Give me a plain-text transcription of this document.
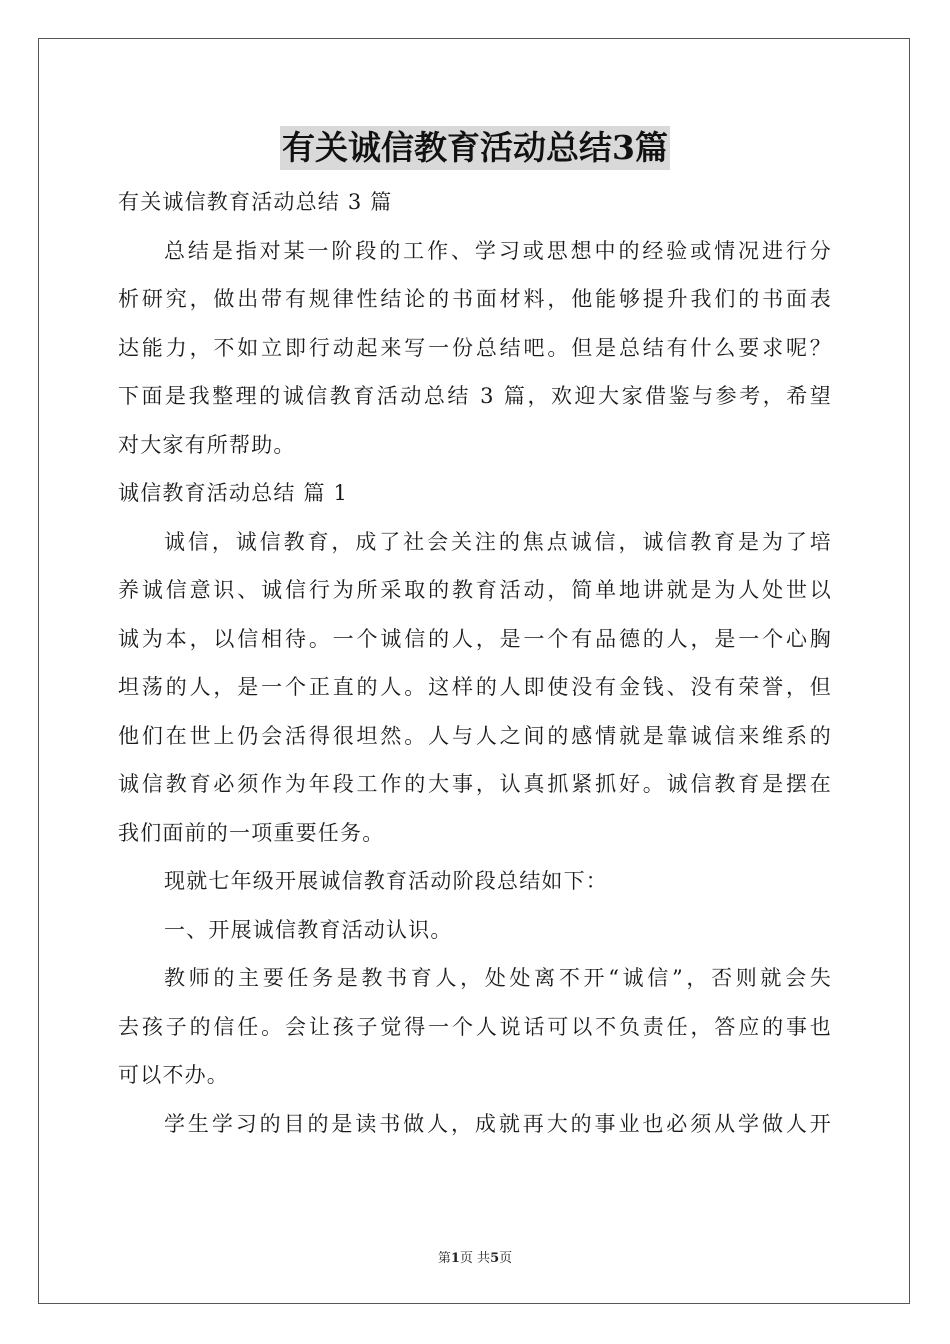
有关诚信教育活动总结3篇
有关诚信教育活动总结 3 篇
总结是指对某一阶段的工作、学习或思想中的经验或情况进行分
析研究，做出带有规律性结论的书面材料，他能够提升我们的书面表
达能力，不如立即行动起来写一份总结吧。但是总结有什么要求呢？
下面是我整理的诚信教育活动总结 3 篇，欢迎大家借鉴与参考，希望
对大家有所帮助。
诚信教育活动总结 篇 1
诚信，诚信教育，成了社会关注的焦点诚信，诚信教育是为了培
养诚信意识、诚信行为所采取的教育活动，简单地讲就是为人处世以
诚为本，以信相待。一个诚信的人，是一个有品德的人，是一个心胸
坦荡的人，是一个正直的人。这样的人即使没有金钱、没有荣誉，但
他们在世上仍会活得很坦然。人与人之间的感情就是靠诚信来维系的
诚信教育必须作为年段工作的大事，认真抓紧抓好。诚信教育是摆在
我们面前的一项重要任务。
现就七年级开展诚信教育活动阶段总结如下：
一、开展诚信教育活动认识。
教师的主要任务是教书育人，处处离不开“诚信”，否则就会失
去孩子的信任。会让孩子觉得一个人说话可以不负责任，答应的事也
可以不办。
学生学习的目的是读书做人，成就再大的事业也必须从学做人开
第1页 共5页
